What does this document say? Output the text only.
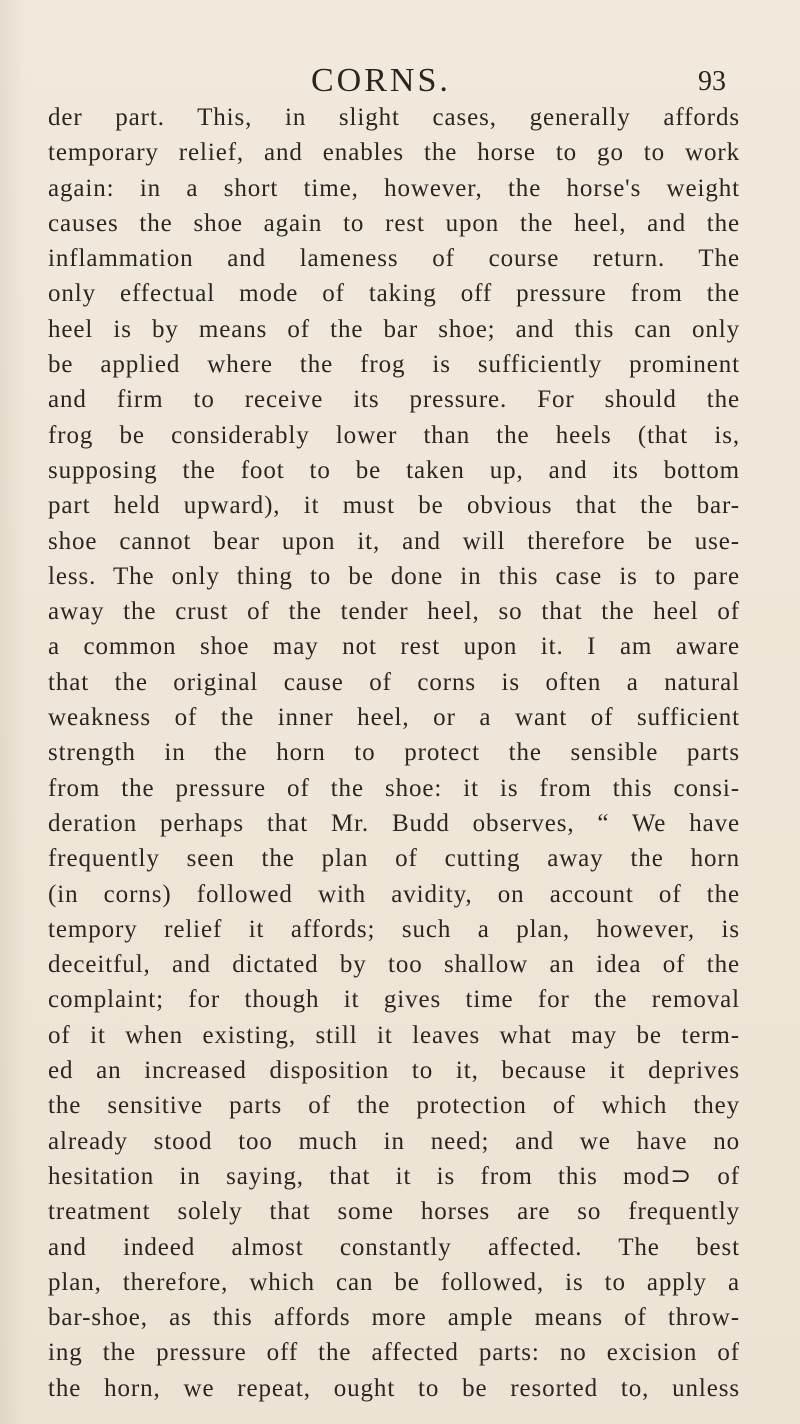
CORNS.	93
der part. This, in slight cases, generally affords
temporary relief, and enables the horse to go to work
again: in a short time, however, the horse's weight
causes the shoe again to rest upon the heel, and the
inflammation and lameness of course return. The
only effectual mode of taking off pressure from the
heel is by means of the bar shoe; and this can only
be applied where the frog is sufficiently prominent
and firm to receive its pressure. For should the
frog be considerably lower than the heels (that is,
supposing the foot to be taken up, and its bottom
part held upward), it must be obvious that the bar-
shoe cannot bear upon it, and will therefore be use-
less. The only thing to be done in this case is to pare
away the crust of the tender heel, so that the heel of
a common shoe may not rest upon it. I am aware
that the original cause of corns is often a natural
weakness of the inner heel, or a want of sufficient
strength in the horn to protect the sensible parts
from the pressure of the shoe: it is from this consi-
deration perhaps that Mr. Budd observes, “ We have
frequently seen the plan of cutting away the horn
(in corns) followed with avidity, on account of the
tempory relief it affords; such a plan, however, is
deceitful, and dictated by too shallow an idea of the
complaint; for though it gives time for the removal
of it when existing, still it leaves what may be term-
ed an increased disposition to it, because it deprives
the sensitive parts of the protection of which they
already stood too much in need; and we have no
hesitation in saying, that it is from this mod⊃ of
treatment solely that some horses are so frequently
and indeed almost constantly affected. The best
plan, therefore, which can be followed, is to apply a
bar-shoe, as this affords more ample means of throw-
ing the pressure off the affected parts: no excision of
the horn, we repeat, ought to be resorted to, unless
